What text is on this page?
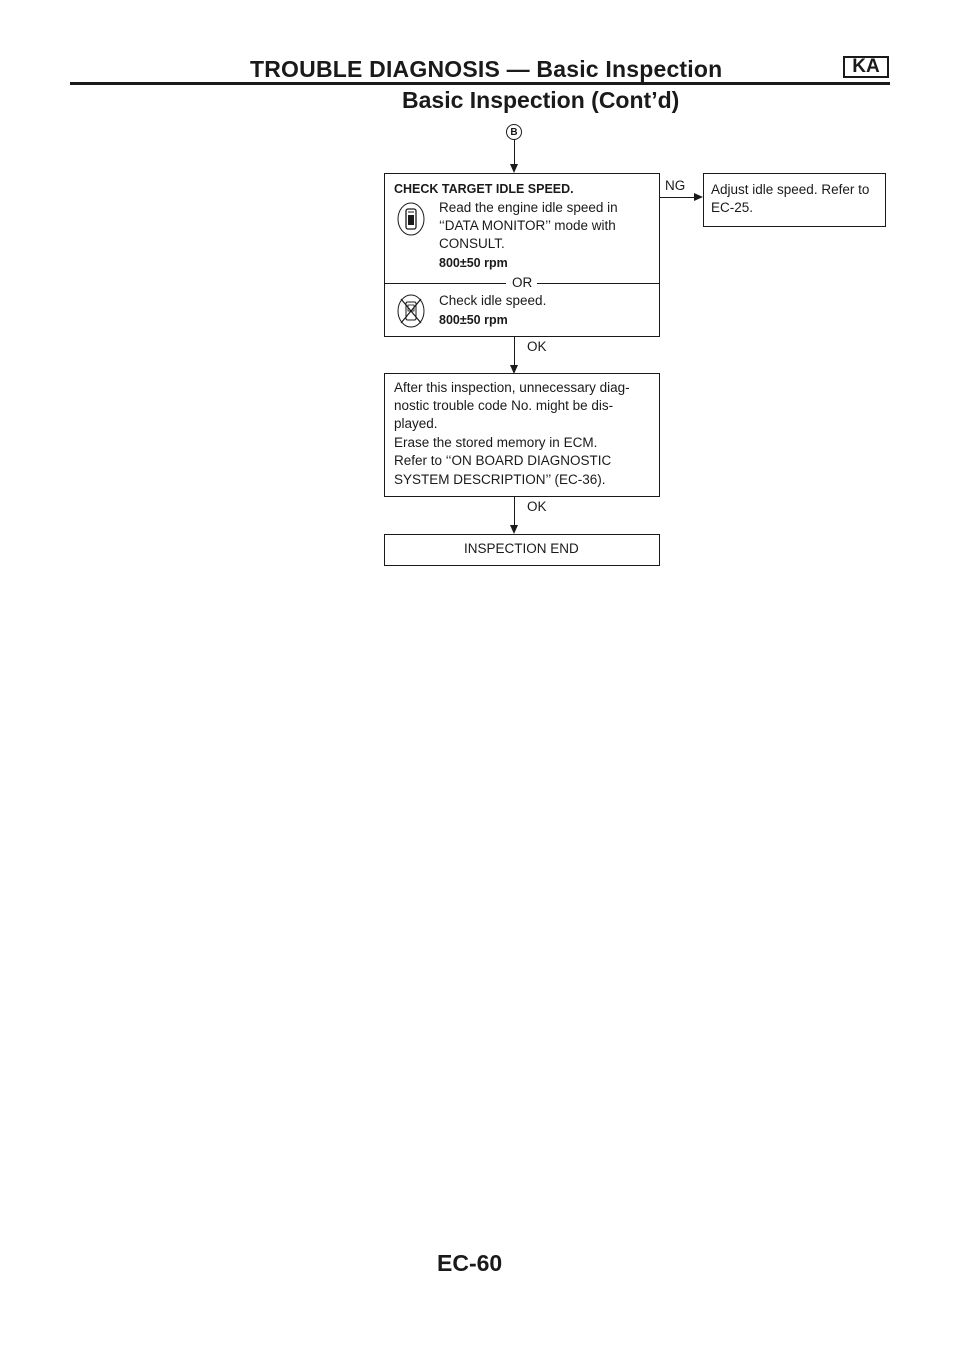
TROUBLE DIAGNOSIS — Basic Inspection	KA
Basic Inspection (Cont’d)
B
CHECK TARGET IDLE SPEED.
Read the engine idle speed in
‘‘DATA MONITOR’’ mode with
CONSULT.
800±50 rpm
OR
Check idle speed.
800±50 rpm
NG Adjust idle speed. Refer to
EC-25.
OK
After this inspection, unnecessary diag-
nostic trouble code No. might be dis-
played.
Erase the stored memory in ECM.
Refer to ‘‘ON BOARD DIAGNOSTIC
SYSTEM DESCRIPTION’’ (EC-36).
OK
INSPECTION END
EC-60
